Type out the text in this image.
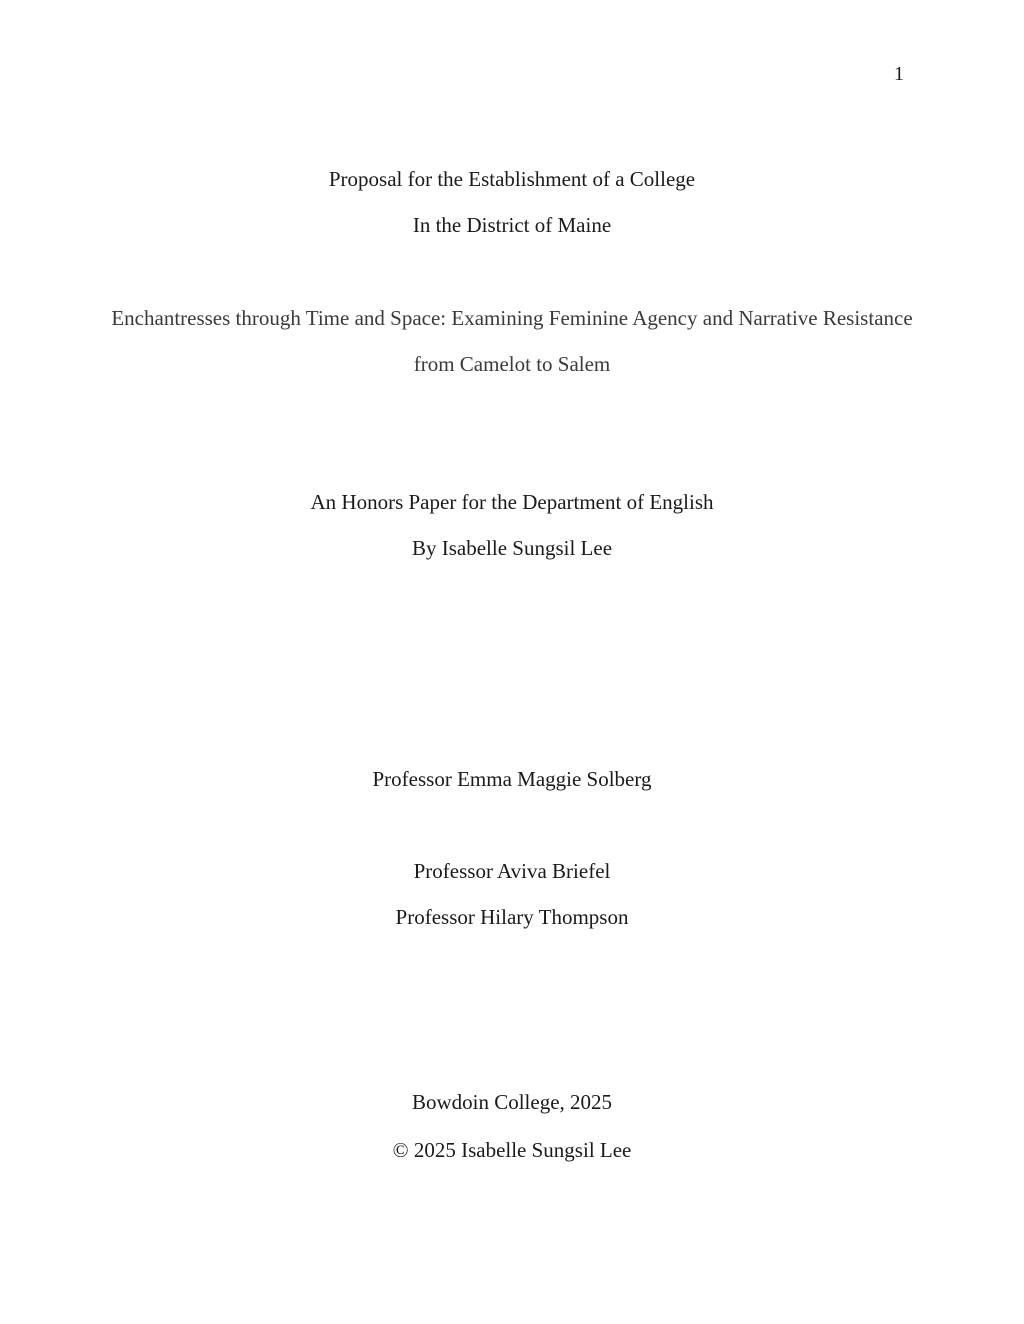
1
Proposal for the Establishment of a College
In the District of Maine
Enchantresses through Time and Space: Examining Feminine Agency and Narrative Resistance
from Camelot to Salem
An Honors Paper for the Department of English
By Isabelle Sungsil Lee
Professor Emma Maggie Solberg
Professor Aviva Briefel
Professor Hilary Thompson
Bowdoin College, 2025
© 2025 Isabelle Sungsil Lee
